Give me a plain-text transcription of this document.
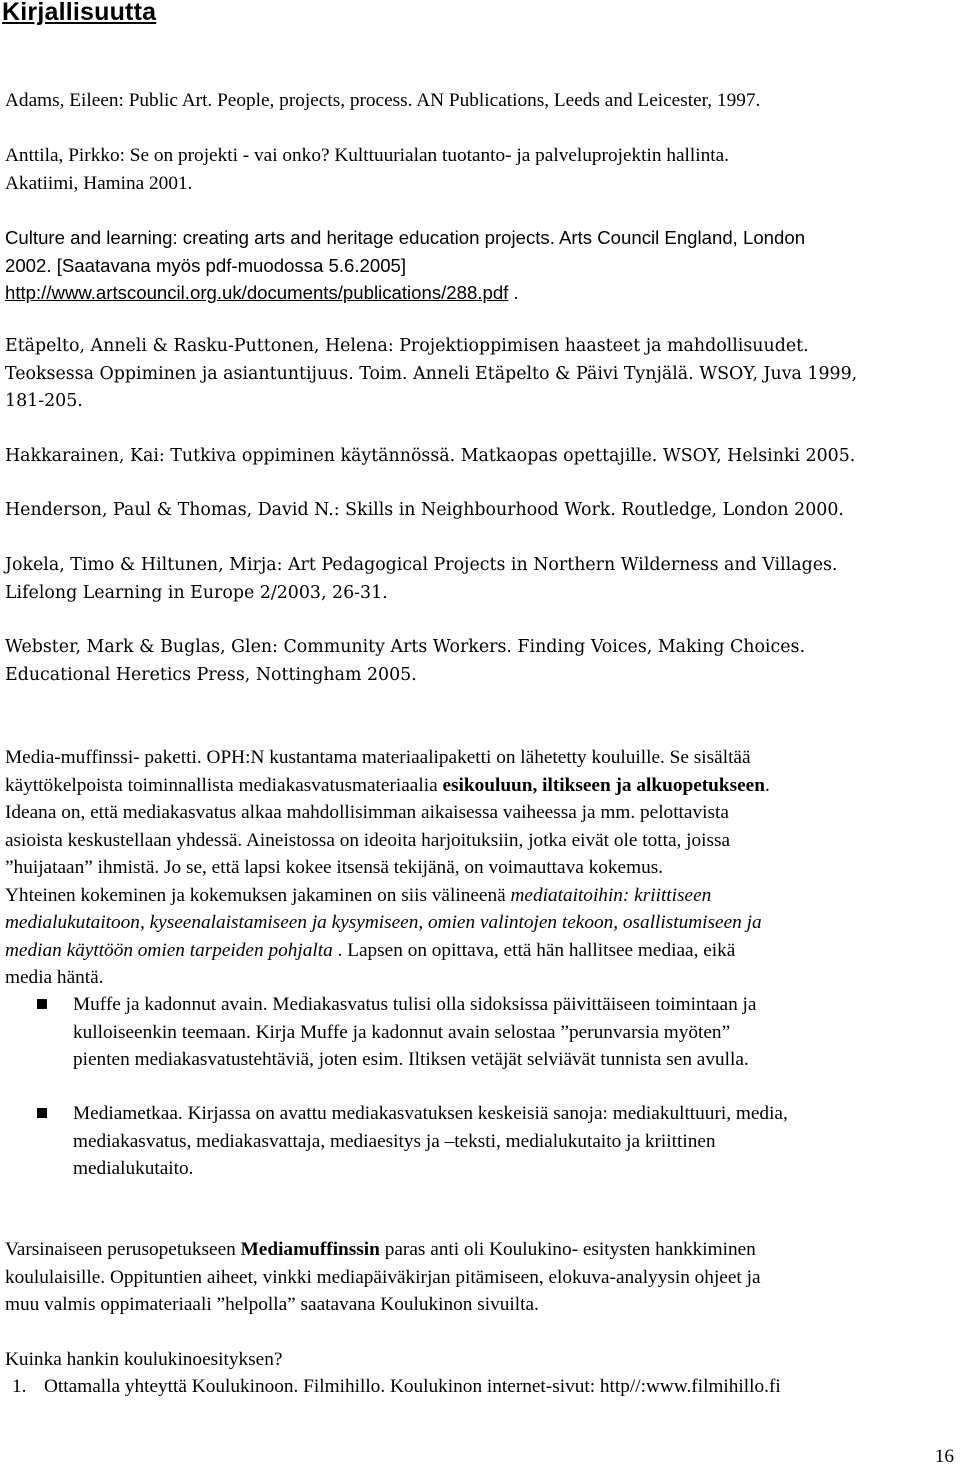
Kirjallisuutta

Adams, Eileen: Public Art. People, projects, process. AN Publications, Leeds and Leicester, 1997.

Anttila, Pirkko: Se on projekti - vai onko? Kulttuurialan tuotanto- ja palveluprojektin hallinta.
Akatiimi, Hamina 2001.

Culture and learning: creating arts and heritage education projects. Arts Council England, London
2002. [Saatavana myös pdf-muodossa 5.6.2005]
http://www.artscouncil.org.uk/documents/publications/288.pdf .

Etäpelto, Anneli & Rasku-Puttonen, Helena: Projektioppimisen haasteet ja mahdollisuudet.
Teoksessa Oppiminen ja asiantuntijuus. Toim. Anneli Etäpelto & Päivi Tynjälä. WSOY, Juva 1999,
181-205.

Hakkarainen, Kai: Tutkiva oppiminen käytännössä. Matkaopas opettajille. WSOY, Helsinki 2005.

Henderson, Paul & Thomas, David N.: Skills in Neighbourhood Work. Routledge, London 2000.

Jokela, Timo & Hiltunen, Mirja: Art Pedagogical Projects in Northern Wilderness and Villages.
Lifelong Learning in Europe 2/2003, 26-31.

Webster, Mark & Buglas, Glen: Community Arts Workers. Finding Voices, Making Choices.
Educational Heretics Press, Nottingham 2005.

Media-muffinssi- paketti. OPH:N kustantama materiaalipaketti on lähetetty kouluille. Se sisältää
käyttökelpoista toiminnallista mediakasvatusmateriaalia esikouluun, iltikseen ja alkuopetukseen.
Ideana on, että mediakasvatus alkaa mahdollisimman aikaisessa vaiheessa ja mm. pelottavista
asioista keskustellaan yhdessä. Aineistossa on ideoita harjoituksiin, jotka eivät ole totta, joissa
”huijataan” ihmistä. Jo se, että lapsi kokee itsensä tekijänä, on voimauttava kokemus.
Yhteinen kokeminen ja kokemuksen jakaminen on siis välineenä mediataitoihin: kriittiseen
medialukutaitoon, kyseenalaistamiseen ja kysymiseen, omien valintojen tekoon, osallistumiseen ja
median käyttöön omien tarpeiden pohjalta . Lapsen on opittava, että hän hallitsee mediaa, eikä
media häntä.

Muffe ja kadonnut avain. Mediakasvatus tulisi olla sidoksissa päivittäiseen toimintaan ja
kulloiseenkin teemaan. Kirja Muffe ja kadonnut avain selostaa ”perunvarsia myöten”
pienten mediakasvatustehtäviä, joten esim. Iltiksen vetäjät selviävät tunnista sen avulla.
Mediametkaa. Kirjassa on avattu mediakasvatuksen keskeisiä sanoja: mediakulttuuri, media,
mediakasvatus, mediakasvattaja, mediaesitys ja –teksti, medialukutaito ja kriittinen
medialukutaito.

Varsinaiseen perusopetukseen Mediamuffinssin paras anti oli Koulukino- esitysten hankkiminen
koululaisille. Oppituntien aiheet, vinkki mediapäiväkirjan pitämiseen, elokuva-analyysin ohjeet ja
muu valmis oppimateriaali ”helpolla” saatavana Koulukinon sivuilta.

Kuinka hankin koulukinoesityksen?

1. Ottamalla yhteyttä Koulukinoon. Filmihillo. Koulukinon internet-sivut: http//:www.filmihillo.fi
16
